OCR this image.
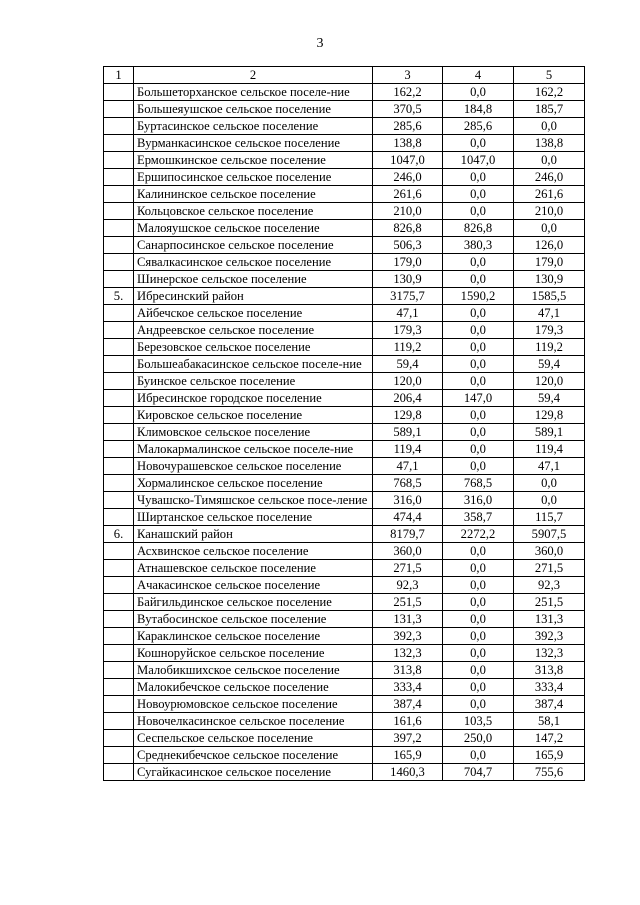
3
1	2	3	4	5
	Большеторханское сельское поселе-ние	162,2	0,0	162,2
	Большеяушское сельское поселение	370,5	184,8	185,7
	Буртасинское сельское поселение	285,6	285,6	0,0
	Вурманкасинское сельское поселение	138,8	0,0	138,8
	Ермошкинское сельское поселение	1047,0	1047,0	0,0
	Ершипосинское сельское поселение	246,0	0,0	246,0
	Калининское сельское поселение	261,6	0,0	261,6
	Кольцовское сельское поселение	210,0	0,0	210,0
	Малояушское сельское поселение	826,8	826,8	0,0
	Санарпосинское сельское поселение	506,3	380,3	126,0
	Сявалкасинское сельское поселение	179,0	0,0	179,0
	Шинерское сельское поселение	130,9	0,0	130,9
5.	Ибресинский район	3175,7	1590,2	1585,5
	Айбечское сельское поселение	47,1	0,0	47,1
	Андреевское сельское поселение	179,3	0,0	179,3
	Березовское сельское поселение	119,2	0,0	119,2
	Большеабакасинское сельское поселе-ние	59,4	0,0	59,4
	Буинское сельское поселение	120,0	0,0	120,0
	Ибресинское городское поселение	206,4	147,0	59,4
	Кировское сельское поселение	129,8	0,0	129,8
	Климовское сельское поселение	589,1	0,0	589,1
	Малокармалинское сельское поселе-ние	119,4	0,0	119,4
	Новочурашевское сельское поселение	47,1	0,0	47,1
	Хормалинское сельское поселение	768,5	768,5	0,0
	Чувашско-Тимяшское сельское посе-ление	316,0	316,0	0,0
	Ширтанское сельское поселение	474,4	358,7	115,7
6.	Канашский район	8179,7	2272,2	5907,5
	Асхвинское сельское поселение	360,0	0,0	360,0
	Атнашевское сельское поселение	271,5	0,0	271,5
	Ачакасинское сельское поселение	92,3	0,0	92,3
	Байгильдинское сельское поселение	251,5	0,0	251,5
	Вутабосинское сельское поселение	131,3	0,0	131,3
	Караклинское сельское поселение	392,3	0,0	392,3
	Кошноруйское сельское поселение	132,3	0,0	132,3
	Малобикшихское сельское поселение	313,8	0,0	313,8
	Малокибечское сельское поселение	333,4	0,0	333,4
	Новоурюмовское сельское поселение	387,4	0,0	387,4
	Новочелкасинское сельское поселение	161,6	103,5	58,1
	Сеспельское сельское поселение	397,2	250,0	147,2
	Среднекибечское сельское поселение	165,9	0,0	165,9
	Сугайкасинское сельское поселение	1460,3	704,7	755,6
